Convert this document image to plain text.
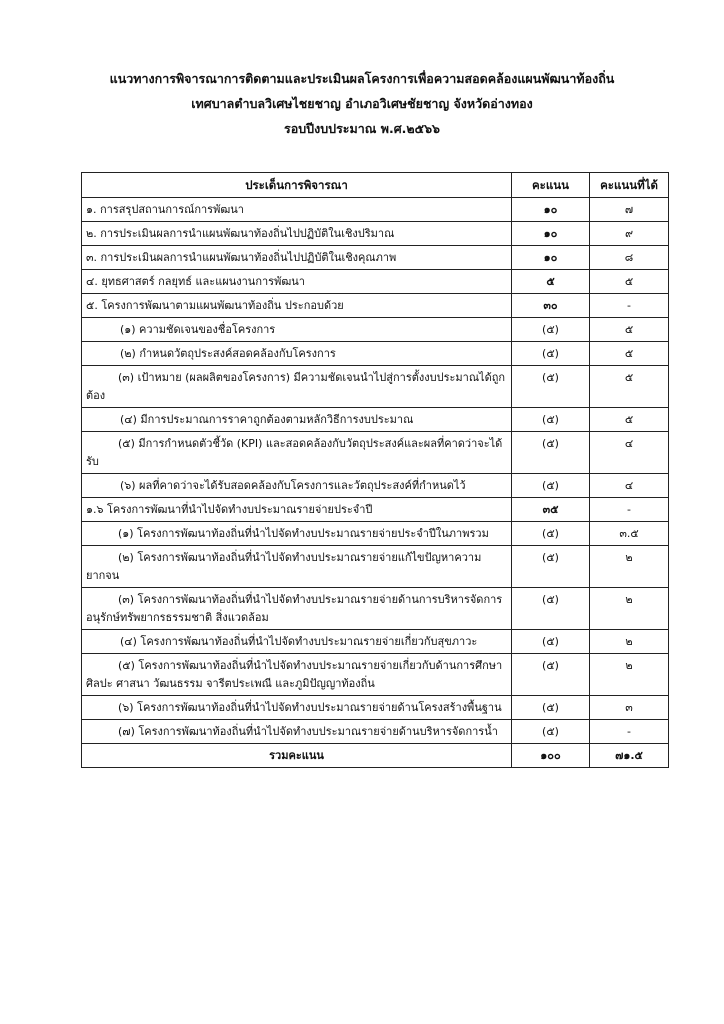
แนวทางการพิจารณาการติดตามและประเมินผลโครงการเพื่อความสอดคล้องแผนพัฒนาท้องถิ่น
เทศบาลตำบลวิเศษไชยชาญ อำเภอวิเศษชัยชาญ จังหวัดอ่างทอง
รอบปีงบประมาณ พ.ศ.๒๕๖๖
ประเด็นการพิจารณา	คะแนน	คะแนนที่ได้
๑. การสรุปสถานการณ์การพัฒนา	๑๐	๗
๒. การประเมินผลการนำแผนพัฒนาท้องถิ่นไปปฏิบัติในเชิงปริมาณ	๑๐	๙
๓. การประเมินผลการนำแผนพัฒนาท้องถิ่นไปปฏิบัติในเชิงคุณภาพ	๑๐	๘
๔. ยุทธศาสตร์ กลยุทธ์ และแผนงานการพัฒนา	๕	๕
๕. โครงการพัฒนาตามแผนพัฒนาท้องถิ่น ประกอบด้วย	๓๐	-
(๑) ความชัดเจนของชื่อโครงการ	(๕)	๕
(๒) กำหนดวัตถุประสงค์สอดคล้องกับโครงการ	(๕)	๕
(๓) เป้าหมาย (ผลผลิตของโครงการ) มีความชัดเจนนำไปสู่การตั้งงบประมาณได้ถูกต้อง	(๕)	๕
(๔) มีการประมาณการราคาถูกต้องตามหลักวิธีการงบประมาณ	(๕)	๕
(๕) มีการกำหนดตัวชี้วัด (KPI) และสอดคล้องกับวัตถุประสงค์และผลที่คาดว่าจะได้รับ	(๕)	๔
(๖) ผลที่คาดว่าจะได้รับสอดคล้องกับโครงการและวัตถุประสงค์ที่กำหนดไว้	(๕)	๔
๑.๖ โครงการพัฒนาที่นำไปจัดทำงบประมาณรายจ่ายประจำปี	๓๕	-
(๑) โครงการพัฒนาท้องถิ่นที่นำไปจัดทำงบประมาณรายจ่ายประจำปีในภาพรวม	(๕)	๓.๕
(๒) โครงการพัฒนาท้องถิ่นที่นำไปจัดทำงบประมาณรายจ่ายแก้ไขปัญหาความยากจน	(๕)	๒
(๓) โครงการพัฒนาท้องถิ่นที่นำไปจัดทำงบประมาณรายจ่ายด้านการบริหารจัดการอนุรักษ์ทรัพยากรธรรมชาติ สิ่งแวดล้อม	(๕)	๒
(๔) โครงการพัฒนาท้องถิ่นที่นำไปจัดทำงบประมาณรายจ่ายเกี่ยวกับสุขภาวะ	(๕)	๒
(๕) โครงการพัฒนาท้องถิ่นที่นำไปจัดทำงบประมาณรายจ่ายเกี่ยวกับด้านการศึกษา ศิลปะ ศาสนา วัฒนธรรม จารีตประเพณี และภูมิปัญญาท้องถิ่น	(๕)	๒
(๖) โครงการพัฒนาท้องถิ่นที่นำไปจัดทำงบประมาณรายจ่ายด้านโครงสร้างพื้นฐาน	(๕)	๓
(๗) โครงการพัฒนาท้องถิ่นที่นำไปจัดทำงบประมาณรายจ่ายด้านบริหารจัดการน้ำ	(๕)	-
รวมคะแนน	๑๐๐	๗๑.๕
